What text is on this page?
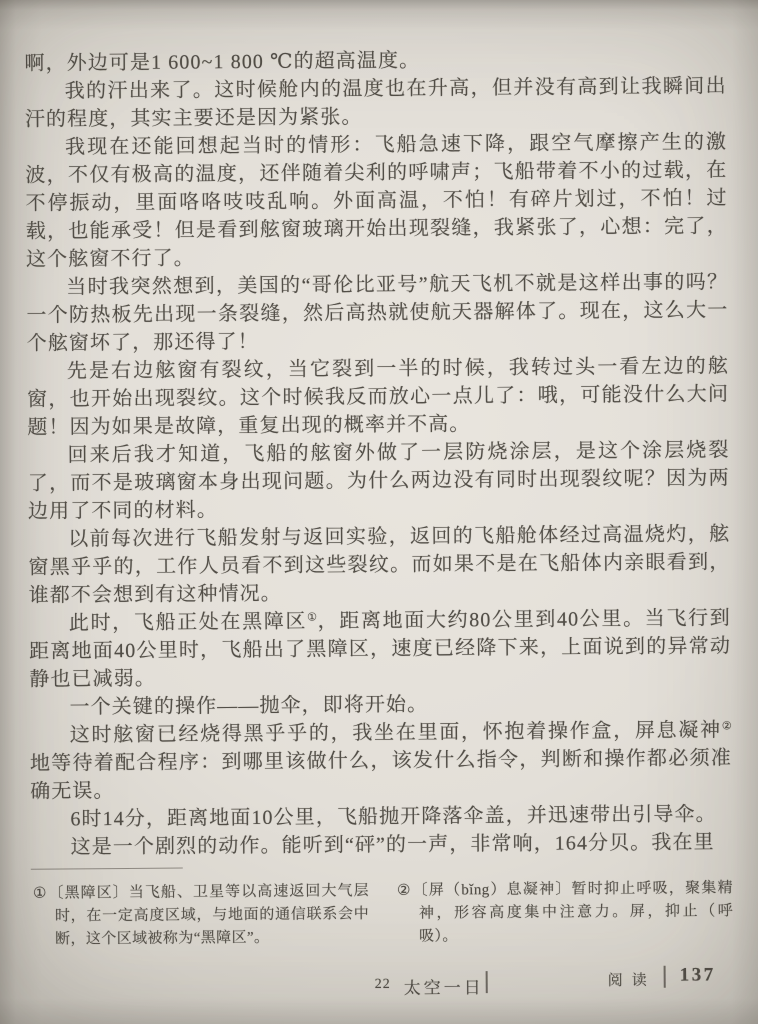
啊，外边可是1 600~1 800 ℃的超高温度。

我的汗出来了。这时候舱内的温度也在升高，但并没有高到让我瞬间出汗的程度，其实主要还是因为紧张。

我现在还能回想起当时的情形：飞船急速下降，跟空气摩擦产生的激波，不仅有极高的温度，还伴随着尖利的呼啸声；飞船带着不小的过载，在不停振动，里面咯咯吱吱乱响。外面高温，不怕！有碎片划过，不怕！过载，也能承受！但是看到舷窗玻璃开始出现裂缝，我紧张了，心想：完了，这个舷窗不行了。

当时我突然想到，美国的“哥伦比亚号”航天飞机不就是这样出事的吗？一个防热板先出现一条裂缝，然后高热就使航天器解体了。现在，这么大一个舷窗坏了，那还得了！

先是右边舷窗有裂纹，当它裂到一半的时候，我转过头一看左边的舷窗，也开始出现裂纹。这个时候我反而放心一点儿了：哦，可能没什么大问题！因为如果是故障，重复出现的概率并不高。

回来后我才知道，飞船的舷窗外做了一层防烧涂层，是这个涂层烧裂了，而不是玻璃窗本身出现问题。为什么两边没有同时出现裂纹呢？因为两边用了不同的材料。

以前每次进行飞船发射与返回实验，返回的飞船舱体经过高温烧灼，舷窗黑乎乎的，工作人员看不到这些裂纹。而如果不是在飞船体内亲眼看到，谁都不会想到有这种情况。

此时，飞船正处在黑障区①，距离地面大约80公里到40公里。当飞行到距离地面40公里时，飞船出了黑障区，速度已经降下来，上面说到的异常动静也已减弱。

一个关键的操作——抛伞，即将开始。

这时舷窗已经烧得黑乎乎的，我坐在里面，怀抱着操作盒，屏息凝神②地等待着配合程序：到哪里该做什么，该发什么指令，判断和操作都必须准确无误。

6时14分，距离地面10公里，飞船抛开降落伞盖，并迅速带出引导伞。

这是一个剧烈的动作。能听到“砰”的一声，非常响，164分贝。我在里

①〔黑障区〕当飞船、卫星等以高速返回大气层时，在一定高度区域，与地面的通信联系会中断，这个区域被称为“黑障区”。
②〔屏（bǐng）息凝神〕暂时抑止呼吸，聚集精神，形容高度集中注意力。屏，抑止（呼吸）。
22 太空一日	阅读 137
